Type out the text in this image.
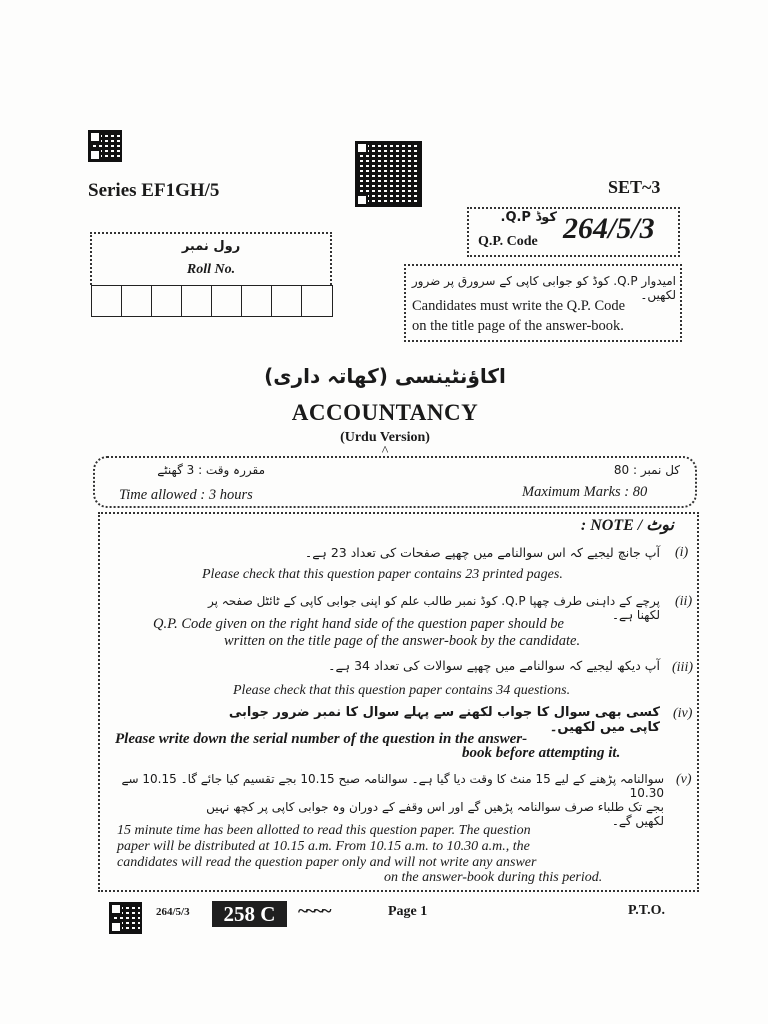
Series EF1GH/5	SET~3
کوڈ Q.P.
Q.P. Code 264/5/3
رول نمبر
Roll No.
امیدوار Q.P. کوڈ کو جوابی کاپی کے سرورق پر ضرور لکھیں۔
Candidates must write the Q.P. Code
on the title page of the answer-book.
اکاؤنٹینسی (کھاتہ داری)
ACCOUNTANCY
(Urdu Version)
^
مقررہ وقت : 3 گھنٹے
Time allowed : 3 hours
کل نمبر : 80
Maximum Marks : 80
: NOTE / نوٹ
(i)
آپ جانچ لیجیے کہ اس سوالنامے میں چھپے صفحات کی تعداد 23 ہے۔
Please check that this question paper contains 23 printed pages.
(ii)
پرچے کے داہنی طرف چھپا Q.P. کوڈ نمبر طالب علم کو اپنی جوابی کاپی کے ٹائٹل صفحہ پر لکھنا ہے۔
Q.P. Code given on the right hand side of the question paper should be
written on the title page of the answer-book by the candidate.
(iii)
آپ دیکھ لیجیے کہ سوالنامے میں چھپے سوالات کی تعداد 34 ہے۔
Please check that this question paper contains 34 questions.
(iv)
کسی بھی سوال کا جواب لکھنے سے پہلے سوال کا نمبر ضرور جوابی کاپی میں لکھیں۔
Please write down the serial number of the question in the answer-
book before attempting it.
(v)
سوالنامہ پڑھنے کے لیے 15 منٹ کا وقت دیا گیا ہے۔ سوالنامہ صبح 10.15 بجے تقسیم کیا جائے گا۔ 10.15 سے 10.30
بجے تک طلباء صرف سوالنامہ پڑھیں گے اور اس وقفے کے دوران وہ جوابی کاپی پر کچھ نہیں لکھیں گے۔
15 minute time has been allotted to read this question paper. The question
paper will be distributed at 10.15 a.m. From 10.15 a.m. to 10.30 a.m., the
candidates will read the question paper only and will not write any answer
on the answer-book during this period.
264/5/3	258 C	~~~~	Page 1	P.T.O.
